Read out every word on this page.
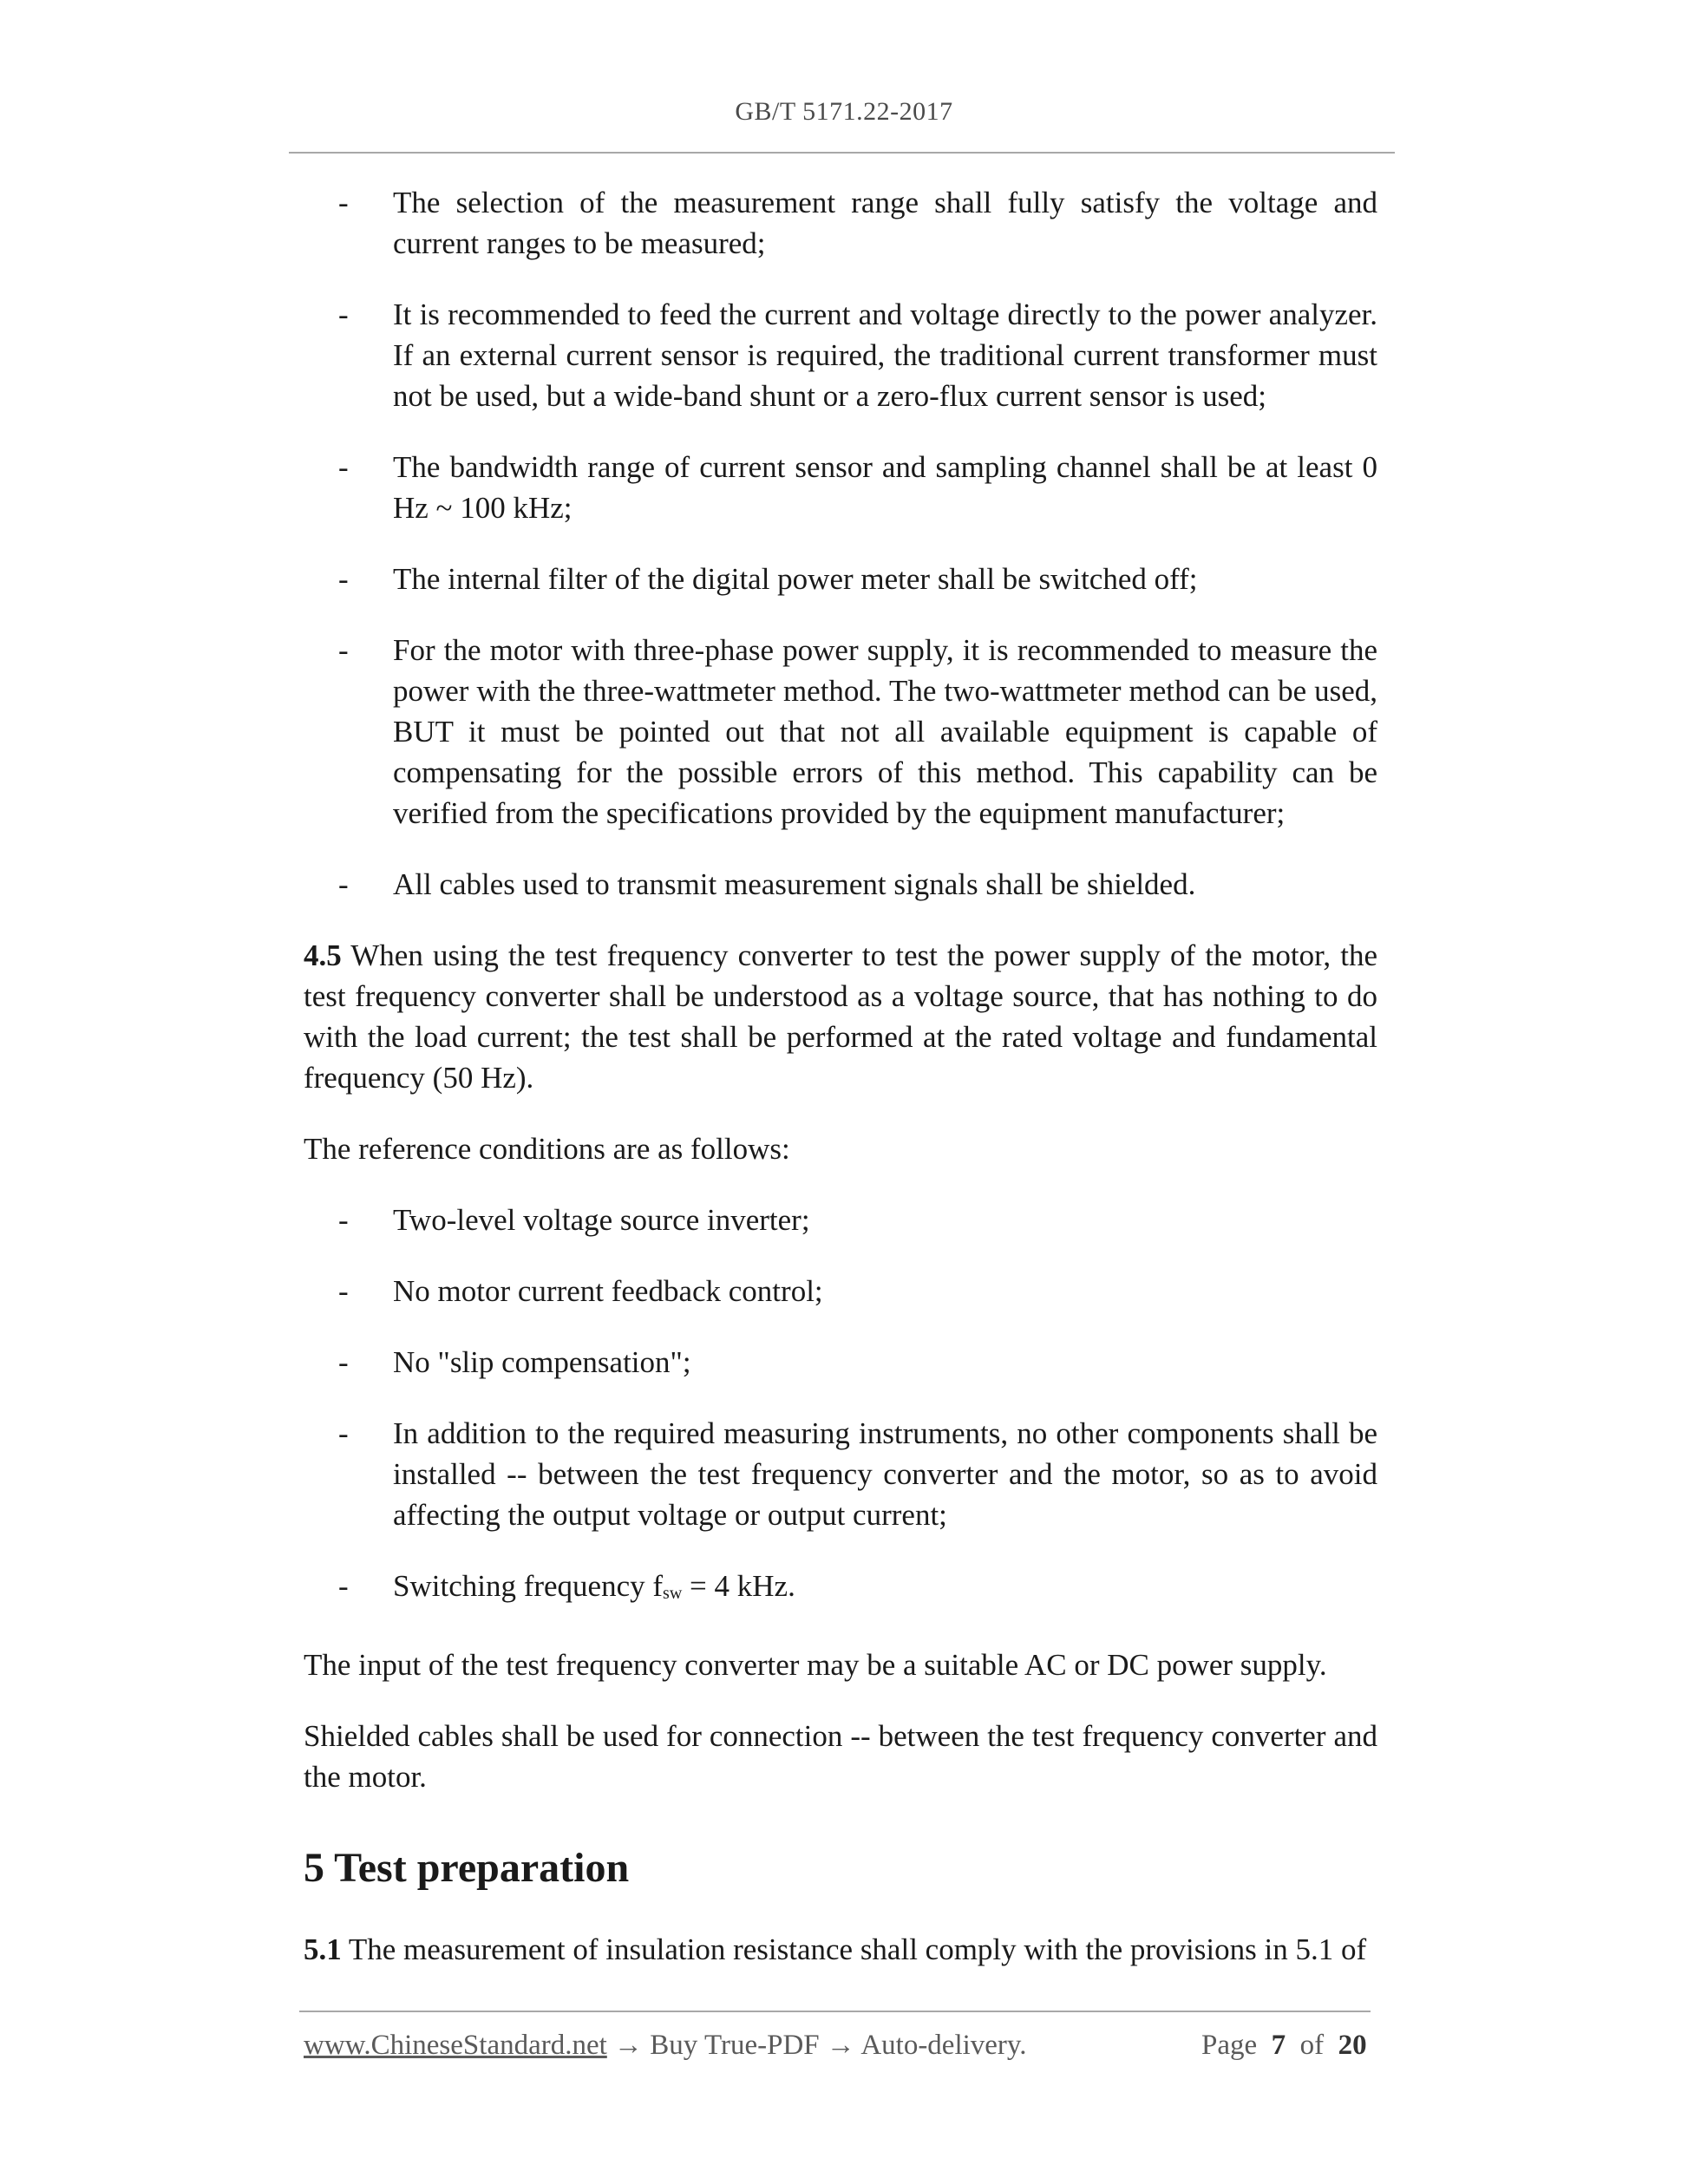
GB/T 5171.22-2017
- The selection of the measurement range shall fully satisfy the voltage and current ranges to be measured;
- It is recommended to feed the current and voltage directly to the power analyzer. If an external current sensor is required, the traditional current transformer must not be used, but a wide-band shunt or a zero-flux current sensor is used;
- The bandwidth range of current sensor and sampling channel shall be at least 0 Hz ~ 100 kHz;
- The internal filter of the digital power meter shall be switched off;
- For the motor with three-phase power supply, it is recommended to measure the power with the three-wattmeter method. The two-wattmeter method can be used, BUT it must be pointed out that not all available equipment is capable of compensating for the possible errors of this method. This capability can be verified from the specifications provided by the equipment manufacturer;
- All cables used to transmit measurement signals shall be shielded.

4.5 When using the test frequency converter to test the power supply of the motor, the test frequency converter shall be understood as a voltage source, that has nothing to do with the load current; the test shall be performed at the rated voltage and fundamental frequency (50 Hz).

The reference conditions are as follows:

- Two-level voltage source inverter;
- No motor current feedback control;
- No "slip compensation";
- In addition to the required measuring instruments, no other components shall be installed -- between the test frequency converter and the motor, so as to avoid affecting the output voltage or output current;
- Switching frequency $f_{sw} = 4$ kHz.

The input of the test frequency converter may be a suitable AC or DC power supply.

Shielded cables shall be used for connection -- between the test frequency converter and the motor.

5 Test preparation

5.1 The measurement of insulation resistance shall comply with the provisions in 5.1 of

www.ChineseStandard.net → Buy True-PDF → Auto-delivery.	Page 7 of 20
